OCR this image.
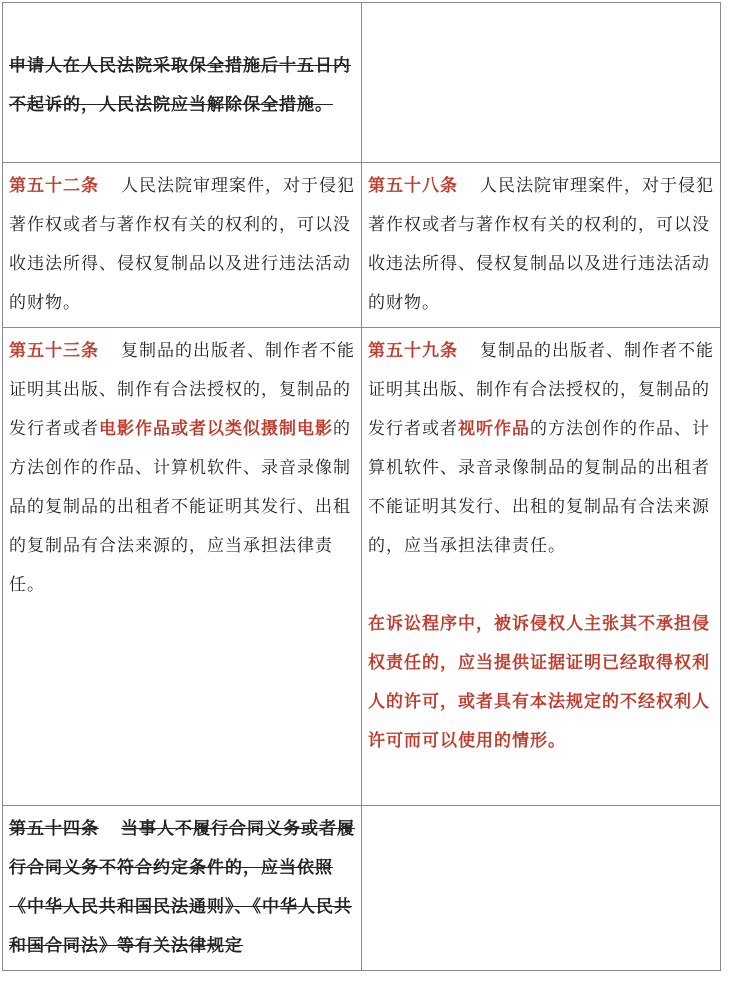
申请人在人民法院采取保全措施后十五日内不起诉的，人民法院应当解除保全措施。	
第五十二条 人民法院审理案件，对于侵犯著作权或者与著作权有关的权利的，可以没收违法所得、侵权复制品以及进行违法活动的财物。	第五十八条 人民法院审理案件，对于侵犯著作权或者与著作权有关的权利的，可以没收违法所得、侵权复制品以及进行违法活动的财物。
第五十三条 复制品的出版者、制作者不能证明其出版、制作有合法授权的，复制品的发行者或者电影作品或者以类似摄制电影的方法创作的作品、计算机软件、录音录像制品的复制品的出租者不能证明其发行、出租的复制品有合法来源的，应当承担法律责任。	第五十九条 复制品的出版者、制作者不能证明其出版、制作有合法授权的，复制品的发行者或者视听作品的方法创作的作品、计算机软件、录音录像制品的复制品的出租者不能证明其发行、出租的复制品有合法来源的，应当承担法律责任。

在诉讼程序中，被诉侵权人主张其不承担侵权责任的，应当提供证据证明已经取得权利人的许可，或者具有本法规定的不经权利人许可而可以使用的情形。

第五十四条 当事人不履行合同义务或者履行合同义务不符合约定条件的，应当依照《中华人民共和国民法通则》、《中华人民共和国合同法》等有关法律规定	
